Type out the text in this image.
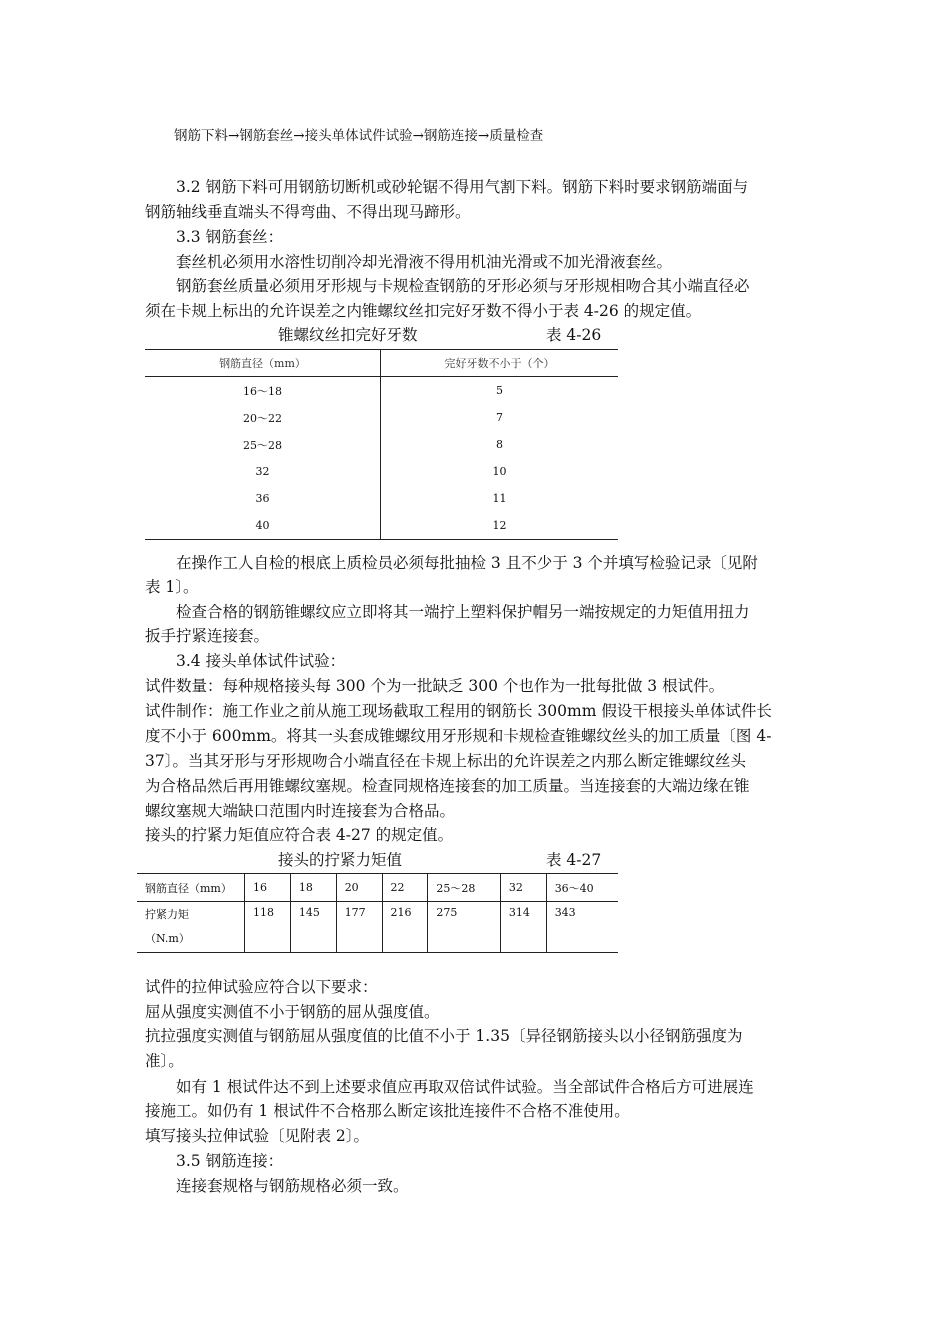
钢筋下料→钢筋套丝→接头单体试件试验→钢筋连接→质量检查
3.2 钢筋下料可用钢筋切断机或砂轮锯不得用气割下料。钢筋下料时要求钢筋端面与
钢筋轴线垂直端头不得弯曲、不得出现马蹄形。
3.3 钢筋套丝：
套丝机必须用水溶性切削冷却光滑液不得用机油光滑或不加光滑液套丝。
钢筋套丝质量必须用牙形规与卡规检查钢筋的牙形必须与牙形规相吻合其小端直径必
须在卡规上标出的允许误差之内锥螺纹丝扣完好牙数不得小于表 4-26 的规定值。
锥螺纹丝扣完好牙数	表 4-26
钢筋直径（mm）	完好牙数不小于（个）
16～18	5
20～22	7
25～28	8
32	10
36	11
40	12
在操作工人自检的根底上质检员必须每批抽检 3 且不少于 3 个并填写检验记录〔见附
表 1〕。
检查合格的钢筋锥螺纹应立即将其一端拧上塑料保护帽另一端按规定的力矩值用扭力
扳手拧紧连接套。
3.4 接头单体试件试验：
试件数量：每种规格接头每 300 个为一批缺乏 300 个也作为一批每批做 3 根试件。
试件制作：施工作业之前从施工现场截取工程用的钢筋长 300mm 假设干根接头单体试件长
度不小于 600mm。将其一头套成锥螺纹用牙形规和卡规检查锥螺纹丝头的加工质量〔图 4-
37〕。当其牙形与牙形规吻合小端直径在卡规上标出的允许误差之内那么断定锥螺纹丝头
为合格品然后再用锥螺纹塞规。检查同规格连接套的加工质量。当连接套的大端边缘在锥
螺纹塞规大端缺口范围内时连接套为合格品。
接头的拧紧力矩值应符合表 4-27 的规定值。
接头的拧紧力矩值	表 4-27
钢筋直径（mm）	16	18	20	22	25～28	32	36～40

拧紧力矩
（N.m）	118	145	177	216	275	314	343
试件的拉伸试验应符合以下要求：
屈从强度实测值不小于钢筋的屈从强度值。
抗拉强度实测值与钢筋屈从强度值的比值不小于 1.35〔异径钢筋接头以小径钢筋强度为
准〕。
如有 1 根试件达不到上述要求值应再取双倍试件试验。当全部试件合格后方可进展连
接施工。如仍有 1 根试件不合格那么断定该批连接件不合格不准使用。
填写接头拉伸试验〔见附表 2〕。
3.5 钢筋连接：
连接套规格与钢筋规格必须一致。
